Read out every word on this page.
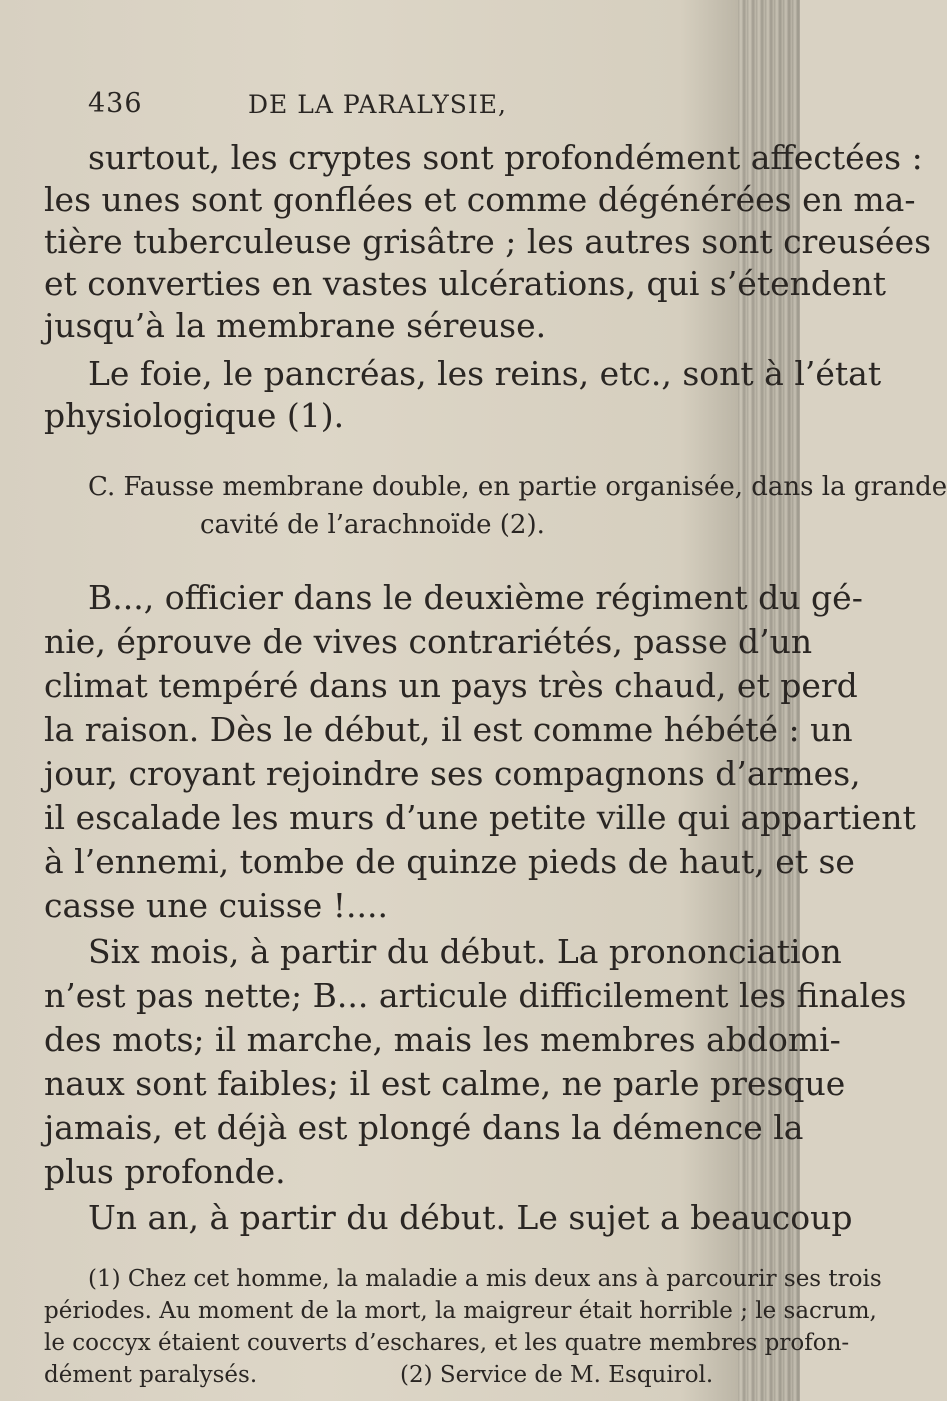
436	DE LA PARALYSIE,
surtout, les cryptes sont profondément affectées :
les unes sont gonflées et comme dégénérées en ma-
tière tuberculeuse grisâtre ; les autres sont creusées
et converties en vastes ulcérations, qui s’étendent
jusqu’à la membrane séreuse.
Le foie, le pancréas, les reins, etc., sont à l’état
physiologique (1).
C. Fausse membrane double, en partie organisée, dans la grande
cavité de l’arachnoïde (2).
B..., officier dans le deuxième régiment du gé-
nie, éprouve de vives contrariétés, passe d’un
climat tempéré dans un pays très chaud, et perd
la raison. Dès le début, il est comme hébété : un
jour, croyant rejoindre ses compagnons d’armes,
il escalade les murs d’une petite ville qui appartient
à l’ennemi, tombe de quinze pieds de haut, et se
casse une cuisse !....
Six mois, à partir du début. La prononciation
n’est pas nette; B... articule difficilement les finales
des mots; il marche, mais les membres abdomi-
naux sont faibles; il est calme, ne parle presque
jamais, et déjà est plongé dans la démence la
plus profonde.
Un an, à partir du début. Le sujet a beaucoup
(1) Chez cet homme, la maladie a mis deux ans à parcourir ses trois
périodes. Au moment de la mort, la maigreur était horrible ; le sacrum,
le coccyx étaient couverts d’eschares, et les quatre membres profon-
dément paralysés.	(2) Service de M. Esquirol.
